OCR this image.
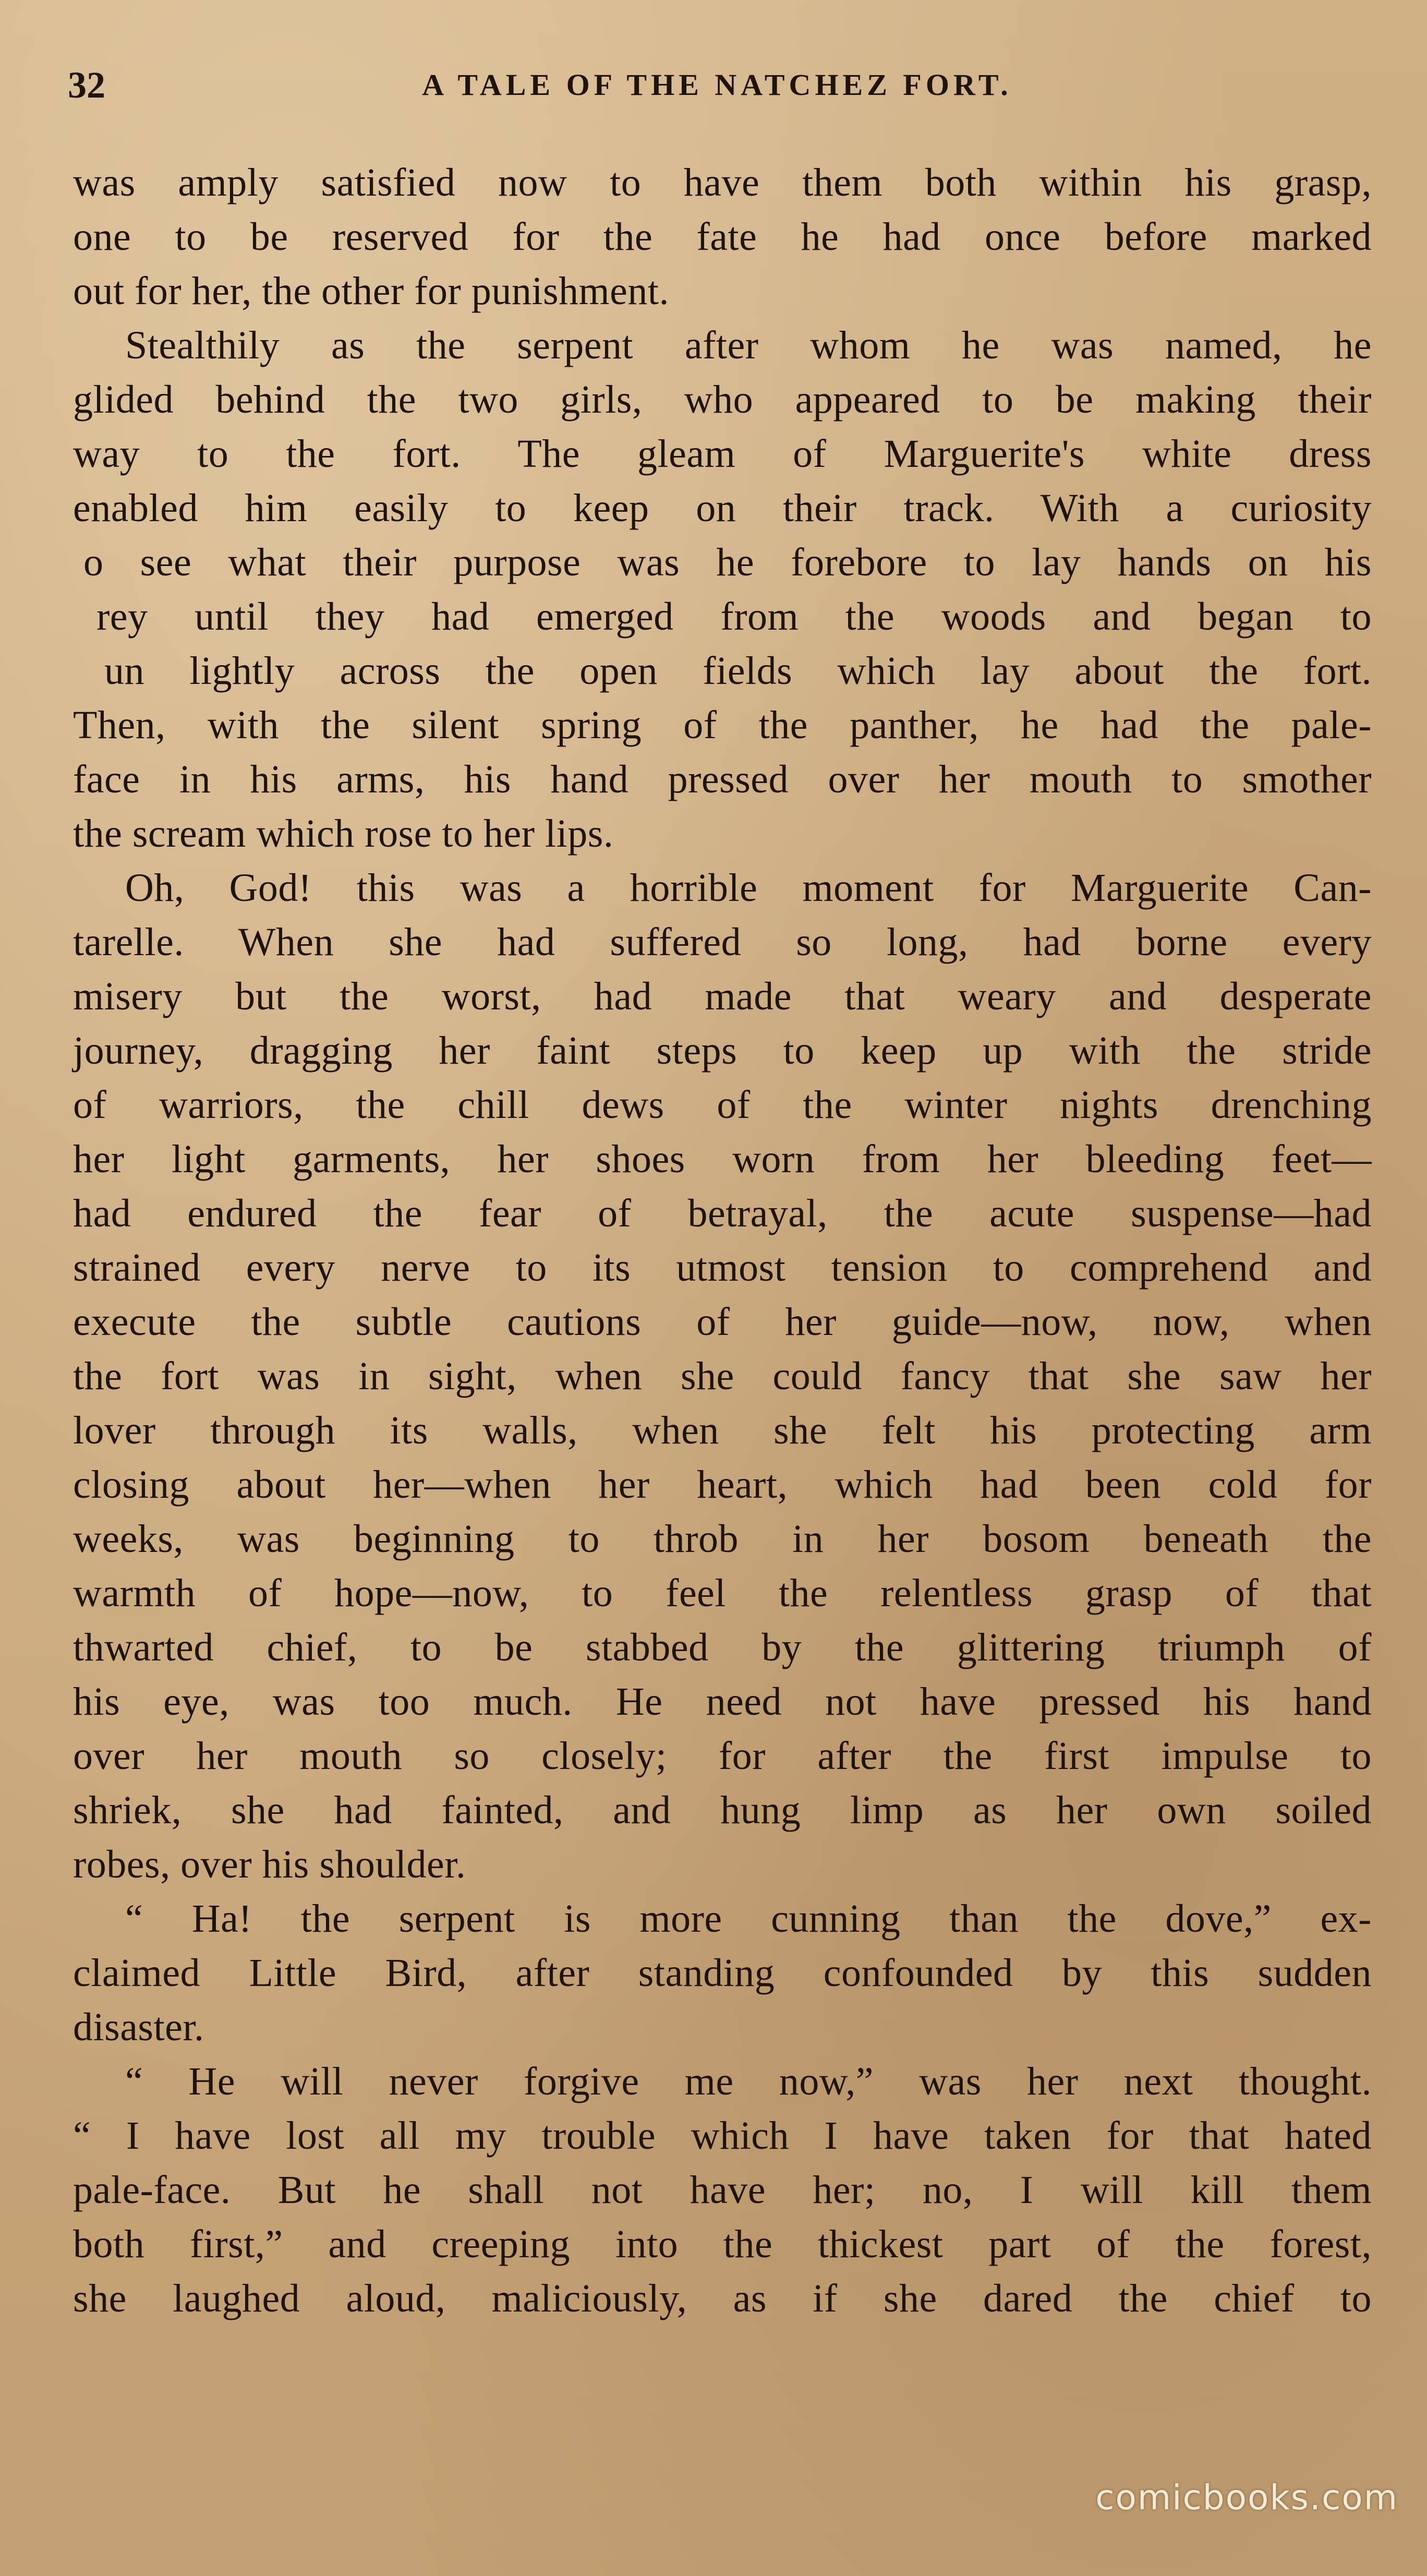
32	A TALE OF THE NATCHEZ FORT.
was amply satisfied now to have them both within his grasp,
one to be reserved for the fate he had once before marked
out for her, the other for punishment.
Stealthily as the serpent after whom he was named, he
glided behind the two girls, who appeared to be making their
way to the fort. The gleam of Marguerite's white dress
enabled him easily to keep on their track. With a curiosity
o see what their purpose was he forebore to lay hands on his
rey until they had emerged from the woods and began to
un lightly across the open fields which lay about the fort.
Then, with the silent spring of the panther, he had the pale-
face in his arms, his hand pressed over her mouth to smother
the scream which rose to her lips.
Oh, God! this was a horrible moment for Marguerite Can-
tarelle. When she had suffered so long, had borne every
misery but the worst, had made that weary and desperate
journey, dragging her faint steps to keep up with the stride
of warriors, the chill dews of the winter nights drenching
her light garments, her shoes worn from her bleeding feet—
had endured the fear of betrayal, the acute suspense—had
strained every nerve to its utmost tension to comprehend and
execute the subtle cautions of her guide—now, now, when
the fort was in sight, when she could fancy that she saw her
lover through its walls, when she felt his protecting arm
closing about her—when her heart, which had been cold for
weeks, was beginning to throb in her bosom beneath the
warmth of hope—now, to feel the relentless grasp of that
thwarted chief, to be stabbed by the glittering triumph of
his eye, was too much. He need not have pressed his hand
over her mouth so closely; for after the first impulse to
shriek, she had fainted, and hung limp as her own soiled
robes, over his shoulder.
“ Ha! the serpent is more cunning than the dove,” ex-
claimed Little Bird, after standing confounded by this sudden
disaster.
“ He will never forgive me now,” was her next thought.
“ I have lost all my trouble which I have taken for that hated
pale-face. But he shall not have her; no, I will kill them
both first,” and creeping into the thickest part of the forest,
she laughed aloud, maliciously, as if she dared the chief to
comicbooks.com
